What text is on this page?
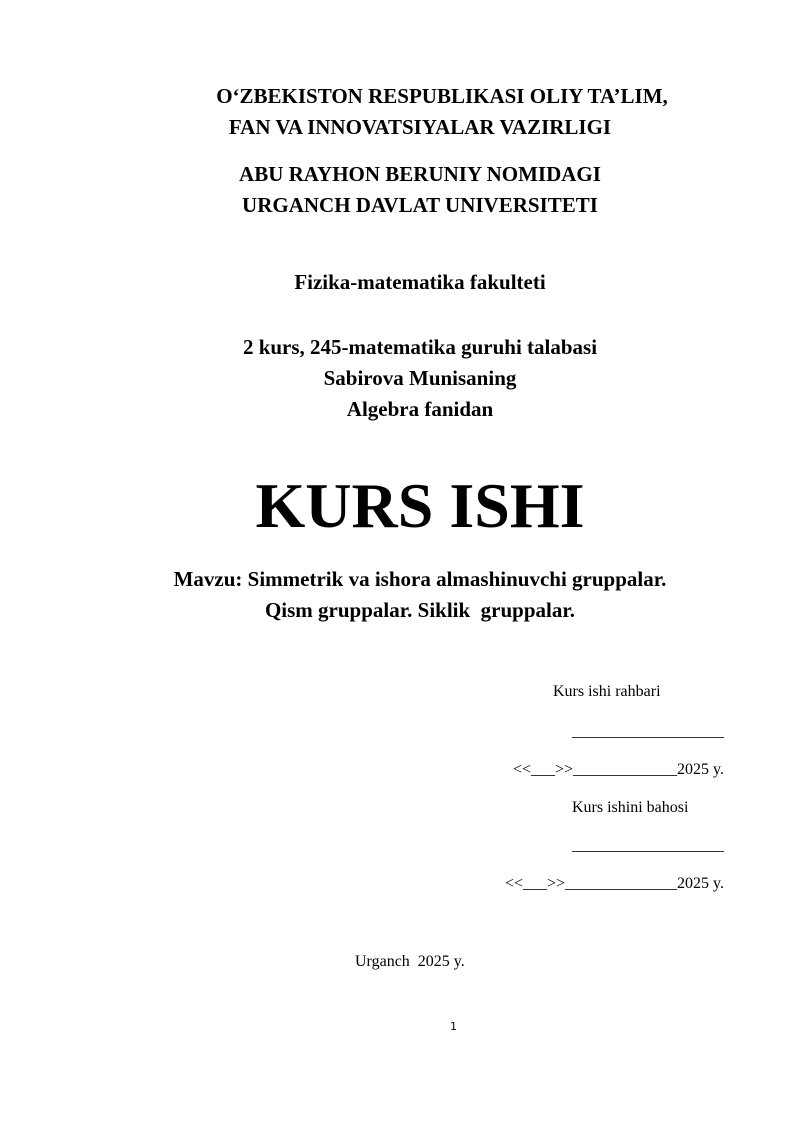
O‘ZBEKISTON RESPUBLIKASI OLIY TA’LIM,
FAN VA INNOVATSIYALAR VAZIRLIGI
ABU RAYHON BERUNIY NOMIDAGI
URGANCH DAVLAT UNIVERSITETI
Fizika-matematika fakulteti
2 kurs, 245-matematika guruhi talabasi
Sabirova Munisaning
Algebra fanidan
KURS ISHI
Mavzu: Simmetrik va ishora almashinuvchi gruppalar.
Qism gruppalar. Siklik  gruppalar.
Kurs ishi rahbari
___________________
<<___>>_____________2025 y.
Kurs ishini bahosi
___________________
<<___>>______________2025 y.
Urganch  2025 y.
1
